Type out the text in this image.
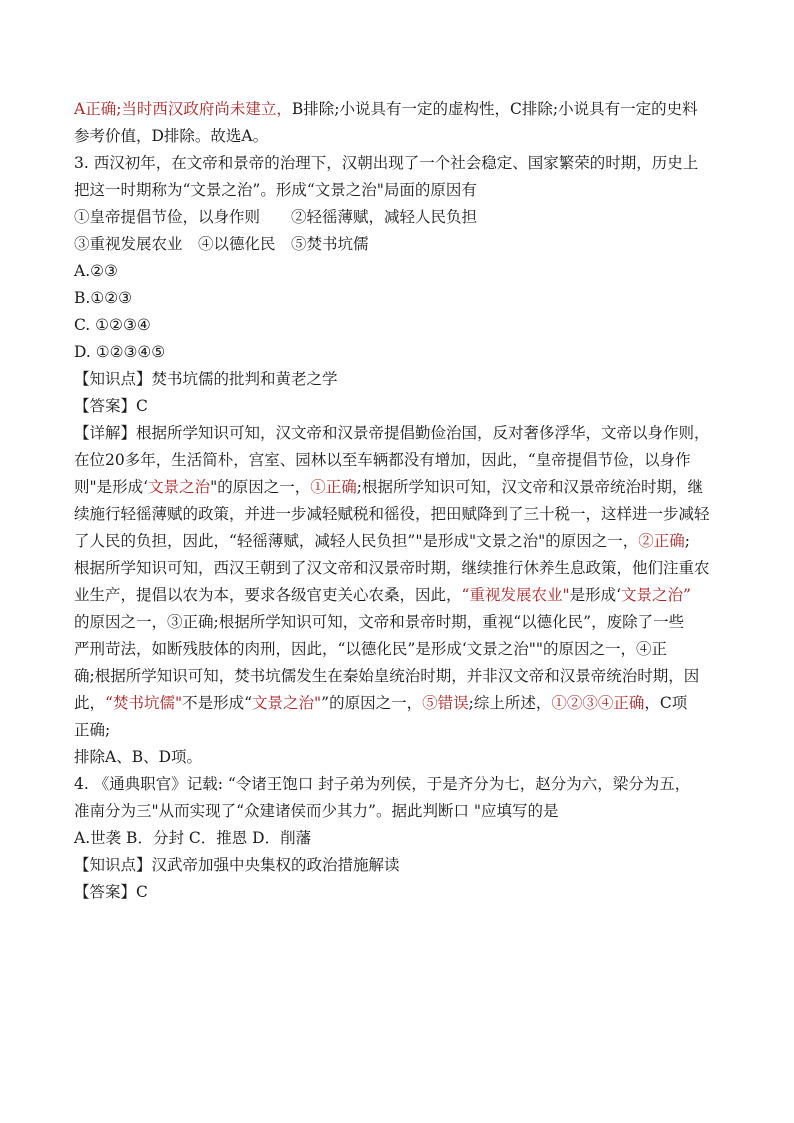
A正确;当时西汉政府尚未建立，B排除;小说具有一定的虚构性，C排除;小说具有一定的史料

参考价值，D排除。故选A。

3. 西汉初年，在文帝和景帝的治理下，汉朝出现了一个社会稳定、国家繁荣的时期，历史上

把这一时期称为“文景之治”。形成“文景之治"局面的原因有

①皇帝提倡节俭，以身作则　　②轻徭薄赋，减轻人民负担

③重视发展农业　④以德化民　⑤焚书坑儒

A.②③

B.①②③

C. ①②③④

D. ①②③④⑤

【知识点】焚书坑儒的批判和黄老之学

【答案】C

【详解】根据所学知识可知，汉文帝和汉景帝提倡勤俭治国，反对奢侈浮华，文帝以身作则，

在位20多年，生活简朴，宫室、园林以至车辆都没有增加，因此，“皇帝提倡节俭，以身作

则"是形成‘文景之治"的原因之一，①正确;根据所学知识可知，汉文帝和汉景帝统治时期，继

续施行轻徭薄赋的政策，并进一步减轻赋税和徭役，把田赋降到了三十税一，这样进一步减轻

了人民的负担，因此，“轻徭薄赋，减轻人民负担”"是形成"文景之治"的原因之一，②正确;

根据所学知识可知，西汉王朝到了汉文帝和汉景帝时期，继续推行休养生息政策，他们注重农

业生产，提倡以农为本，要求各级官吏关心农桑，因此，“重视发展农业"是形成‘文景之治”

的原因之一，③正确;根据所学知识可知，文帝和景帝时期，重视“以德化民”，废除了一些

严刑苛法，如断残肢体的肉刑，因此，“以德化民”是形成‘文景之治""的原因之一，④正

确;根据所学知识可知，焚书坑儒发生在秦始皇统治时期，并非汉文帝和汉景帝统治时期，因

此，“焚书坑儒"不是形成“文景之治"”的原因之一，⑤错误;综上所述，①②③④正确，C项

正确;

排除A、B、D项。

4. 《通典职官》记载: “令诸王饱口 封子弟为列侯，于是齐分为七，赵分为六，梁分为五，

准南分为三"从而实现了“众建诸侯而少其力”。据此判断口 "应填写的是

A.世袭 B．分封 C．推恩 D．削藩

【知识点】汉武帝加强中央集权的政治措施解读

【答案】C
